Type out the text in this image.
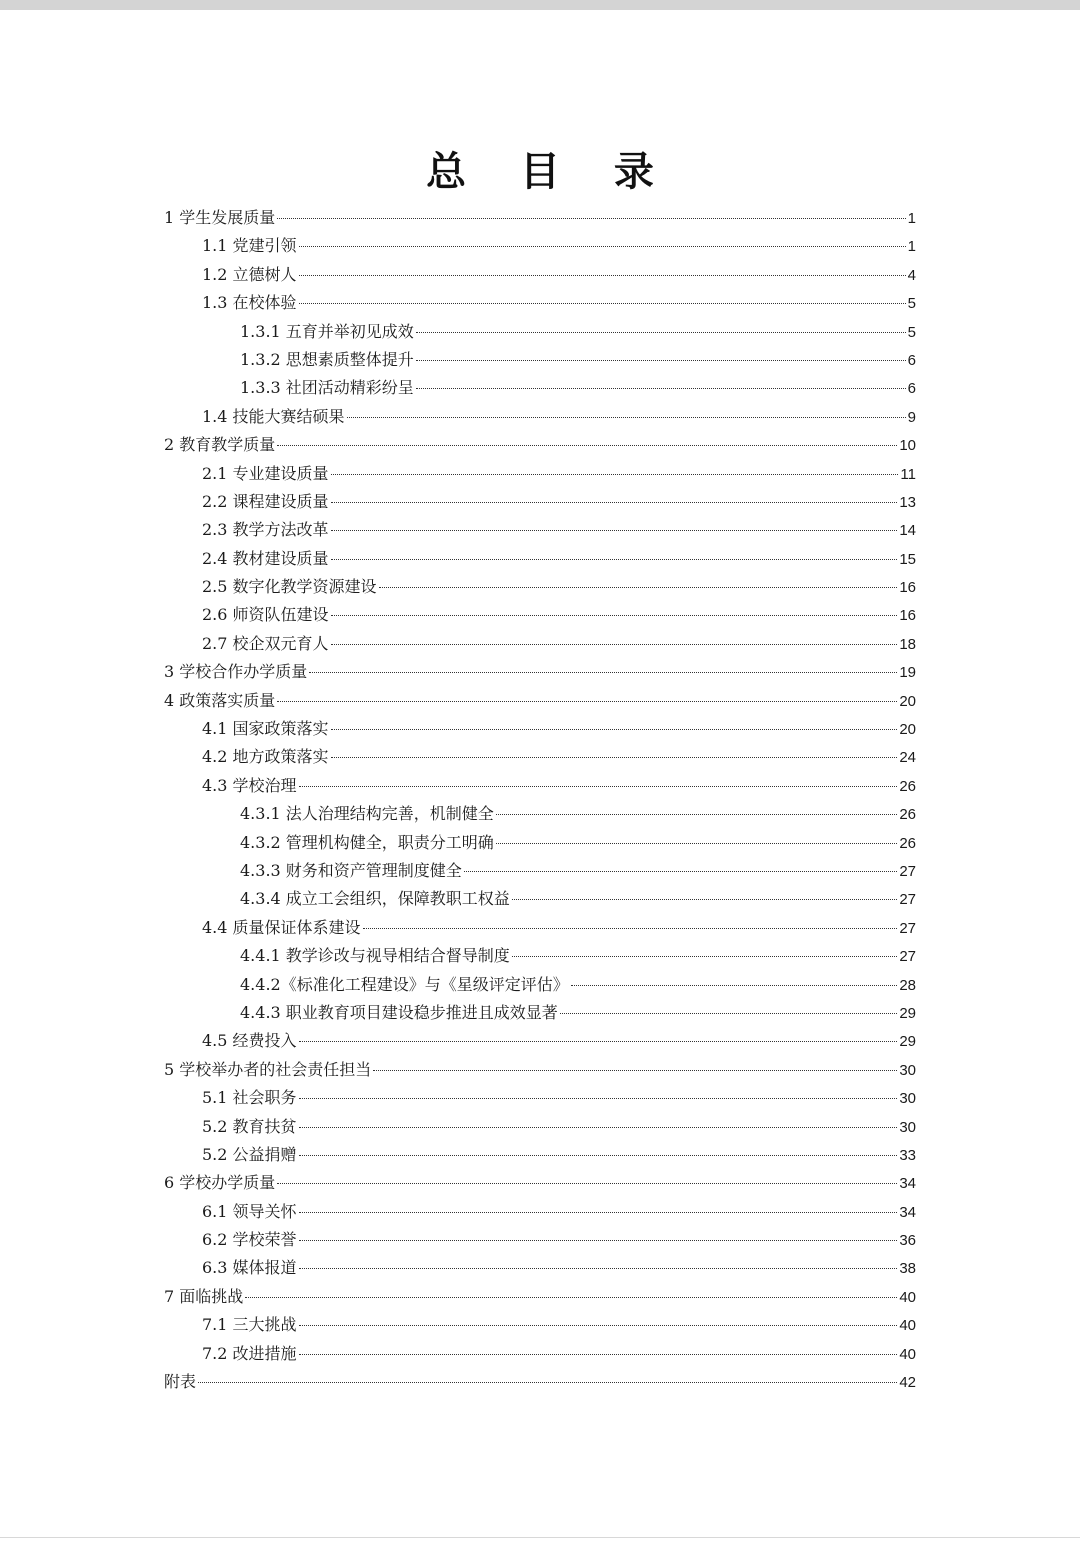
总 目 录
1 学生发展质量	1
1.1 党建引领	1
1.2 立德树人	4
1.3 在校体验	5
1.3.1 五育并举初见成效	5
1.3.2 思想素质整体提升	6
1.3.3 社团活动精彩纷呈	6
1.4 技能大赛结硕果	9
2 教育教学质量	10
2.1 专业建设质量	11
2.2 课程建设质量	13
2.3 教学方法改革	14
2.4 教材建设质量	15
2.5 数字化教学资源建设	16
2.6 师资队伍建设	16
2.7 校企双元育人	18
3 学校合作办学质量	19
4 政策落实质量	20
4.1 国家政策落实	20
4.2 地方政策落实	24
4.3 学校治理	26
4.3.1 法人治理结构完善，机制健全	26
4.3.2 管理机构健全，职责分工明确	26
4.3.3 财务和资产管理制度健全	27
4.3.4 成立工会组织，保障教职工权益	27
4.4 质量保证体系建设	27
4.4.1 教学诊改与视导相结合督导制度	27
4.4.2《标准化工程建设》与《星级评定评估》	28
4.4.3 职业教育项目建设稳步推进且成效显著	29
4.5 经费投入	29
5 学校举办者的社会责任担当	30
5.1 社会职务	30
5.2 教育扶贫	30
5.2 公益捐赠	33
6 学校办学质量	34
6.1 领导关怀	34
6.2 学校荣誉	36
6.3 媒体报道	38
7 面临挑战	40
7.1 三大挑战	40
7.2 改进措施	40
附表	42
